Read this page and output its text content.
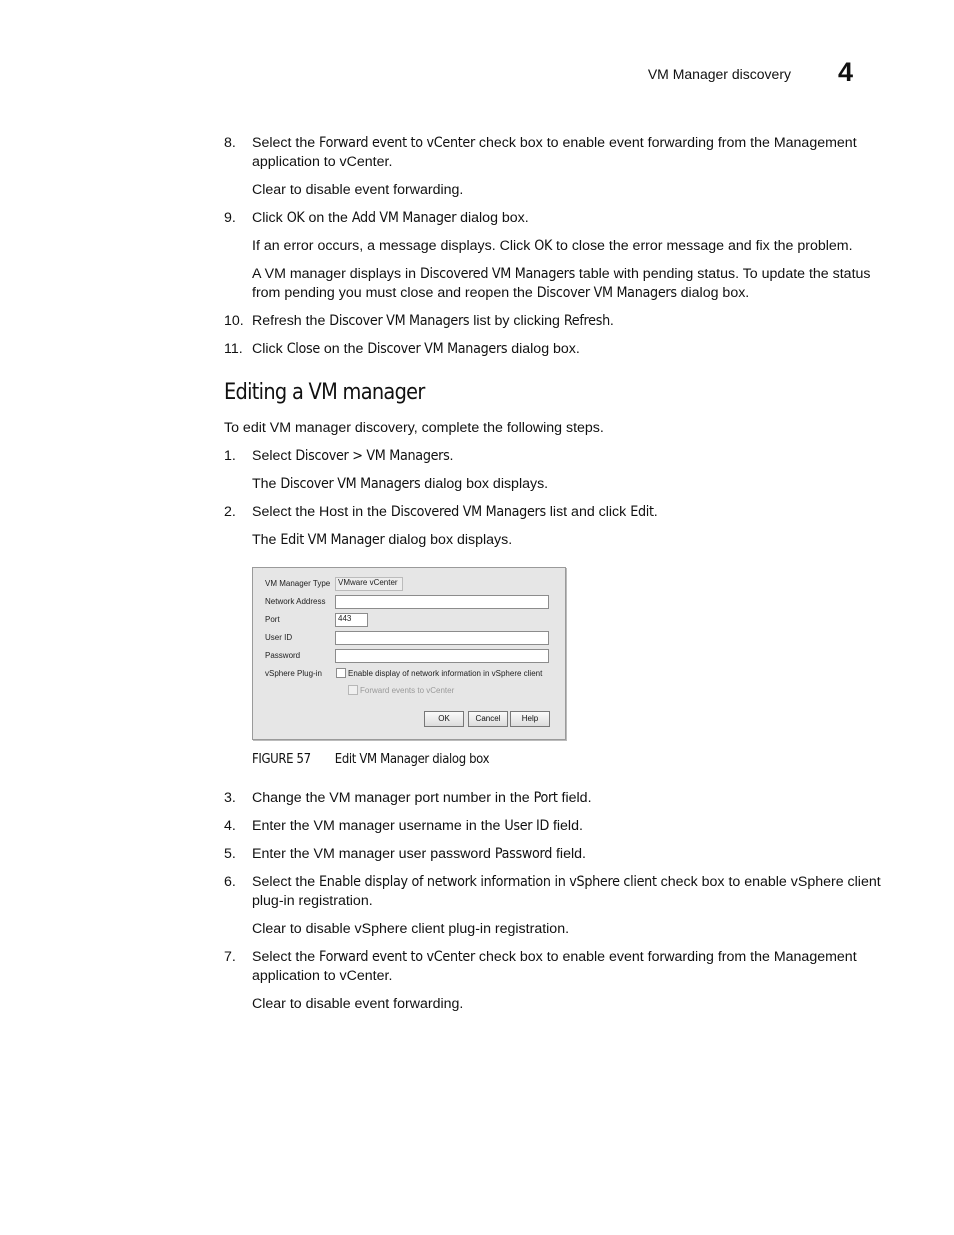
VM Manager discovery 4
8.	Select the Forward event to vCenter check box to enable event forwarding from the Management application to vCenter.

Clear to disable event forwarding.

9.	Click OK on the Add VM Manager dialog box.

If an error occurs, a message displays. Click OK to close the error message and fix the problem.

A VM manager displays in Discovered VM Managers table with pending status. To update the status from pending you must close and reopen the Discover VM Managers dialog box.

10. Refresh the Discover VM Managers list by clicking Refresh.

11. Click Close on the Discover VM Managers dialog box.

Editing a VM manager

To edit VM manager discovery, complete the following steps.

1.	Select Discover > VM Managers.

The Discover VM Managers dialog box displays.

2.	Select the Host in the Discovered VM Managers list and click Edit.

The Edit VM Manager dialog box displays.

VM Manager Type VMware vCenter
Network Address
Port	443
User ID
Password
vSphere Plug-in	Enable display of network information in vSphere client
Forward events to vCenter
OK	Cancel	Help
FIGURE 57 Edit VM Manager dialog box
3.	Change the VM manager port number in the Port field.

4.	Enter the VM manager username in the User ID field.

5.	Enter the VM manager user password Password field.

6.	Select the Enable display of network information in vSphere client check box to enable vSphere client plug-in registration.

Clear to disable vSphere client plug-in registration.

7.	Select the Forward event to vCenter check box to enable event forwarding from the Management application to vCenter.

Clear to disable event forwarding.
